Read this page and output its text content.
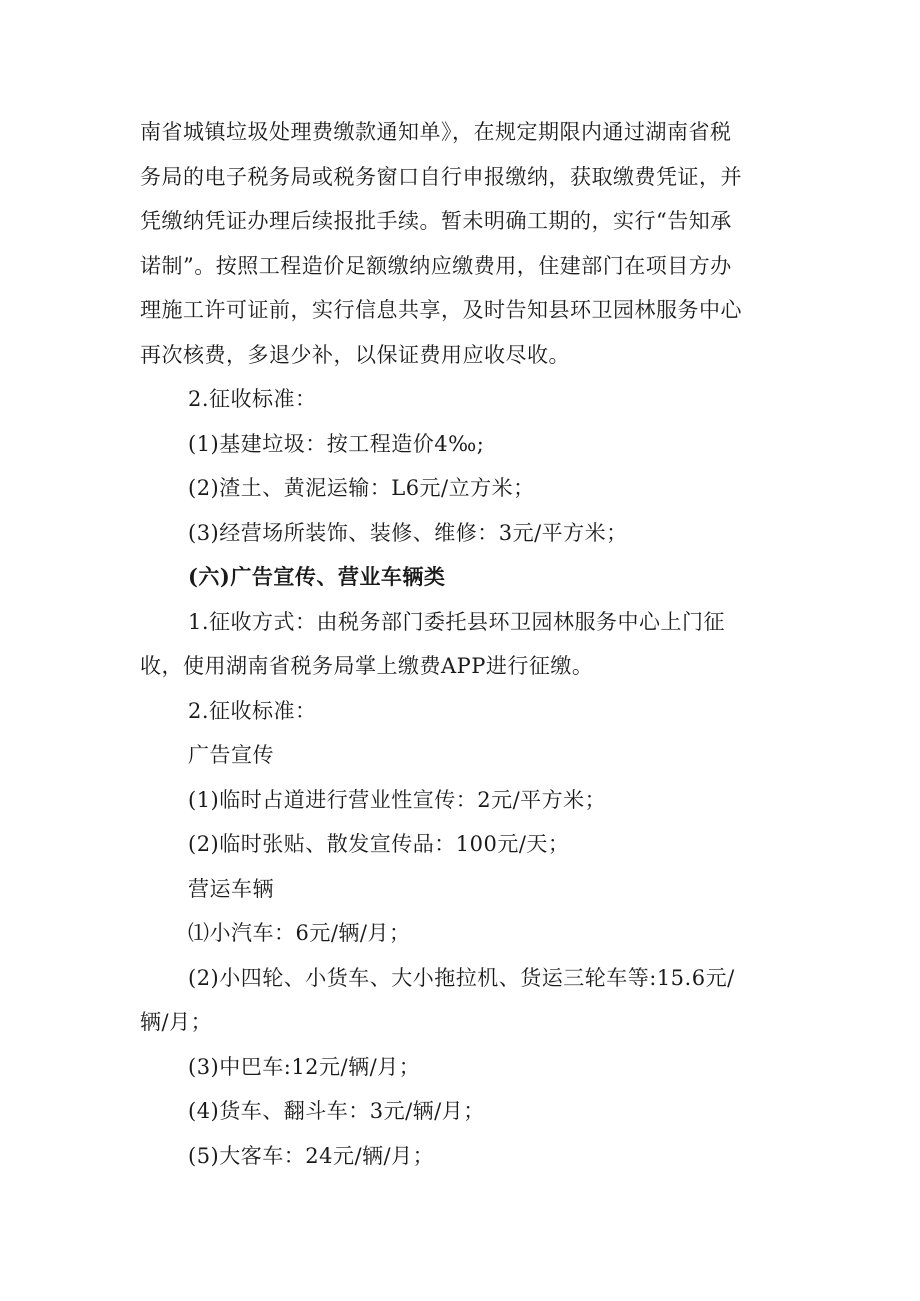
南省城镇垃圾处理费缴款通知单》，在规定期限内通过湖南省税
务局的电子税务局或税务窗口自行申报缴纳，获取缴费凭证，并
凭缴纳凭证办理后续报批手续。暂未明确工期的，实行“告知承
诺制”。按照工程造价足额缴纳应缴费用，住建部门在项目方办
理施工许可证前，实行信息共享，及时告知县环卫园林服务中心
再次核费，多退少补，以保证费用应收尽收。
2.征收标准：
(1)基建垃圾：按工程造价4‰;
(2)渣土、黄泥运输：L6元/立方米；
(3)经营场所装饰、装修、维修：3元/平方米；
(六)广告宣传、营业车辆类
1.征收方式：由税务部门委托县环卫园林服务中心上门征
收，使用湖南省税务局掌上缴费APP进行征缴。
2.征收标准：
广告宣传
(1)临时占道进行营业性宣传：2元/平方米；
(2)临时张贴、散发宣传品：100元/天；
营运车辆
⑴小汽车：6元/辆/月；
(2)小四轮、小货车、大小拖拉机、货运三轮车等:15.6元/
辆/月；
(3)中巴车:12元/辆/月；
(4)货车、翻斗车：3元/辆/月；
(5)大客车：24元/辆/月；
